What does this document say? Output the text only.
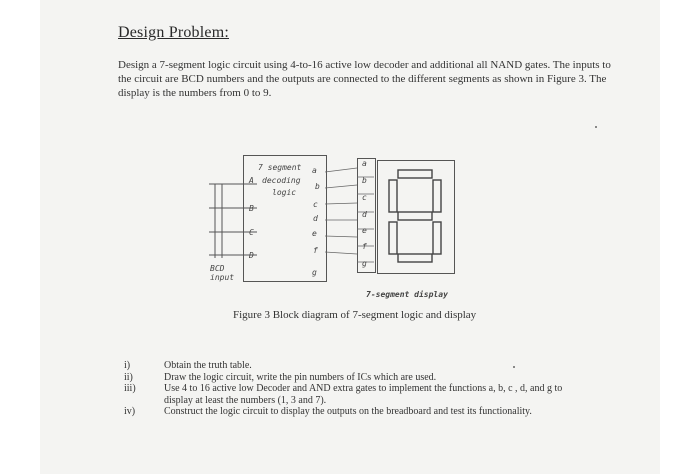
Design Problem:

Design a 7-segment logic circuit using 4-to-16 active low decoder and additional all NAND gates. The inputs to the circuit are BCD numbers and the outputs are connected to the different segments as shown in Figure 3. The display is the numbers from 0 to 9.

7 segment
decoding
logic
A
B
C
D
a
b
c
d
e
f
g
a
b
c
d
e
f
g
BCD
input
7-segment display

Figure 3 Block diagram of 7-segment logic and display

i)	Obtain the truth table.
ii)	Draw the logic circuit, write the pin numbers of ICs which are used.
iii)	Use 4 to 16 active low Decoder and AND extra gates to implement the functions a, b, c , d, and g to display at least the numbers (1, 3 and 7).
iv)	Construct the logic circuit to display the outputs on the breadboard and test its functionality.
